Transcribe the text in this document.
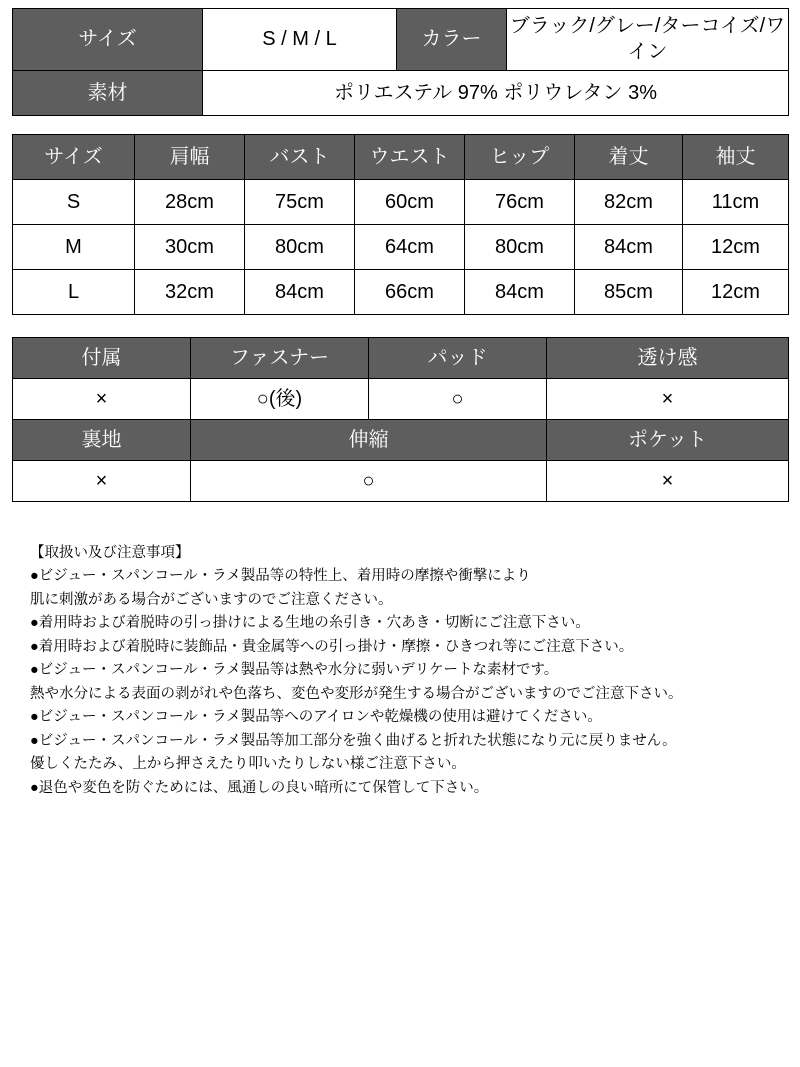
サイズ	S / M / L	カラー	ブラック/グレー/ターコイズ/ワイン
素材	ポリエステル 97% ポリウレタン 3%		
サイズ	肩幅	バスト	ウエスト	ヒップ	着丈	袖丈
S	28cm	75cm	60cm	76cm	82cm	11cm
M	30cm	80cm	64cm	80cm	84cm	12cm
L	32cm	84cm	66cm	84cm	85cm	12cm
付属	ファスナー	パッド	透け感
×	○(後)	○	×
裏地	伸縮		ポケット
×	○		×
【取扱い及び注意事項】
●ビジュー・スパンコール・ラメ製品等の特性上、着用時の摩擦や衝撃により
肌に刺激がある場合がございますのでご注意ください。
●着用時および着脱時の引っ掛けによる生地の糸引き・穴あき・切断にご注意下さい。
●着用時および着脱時に装飾品・貴金属等への引っ掛け・摩擦・ひきつれ等にご注意下さい。
●ビジュー・スパンコール・ラメ製品等は熱や水分に弱いデリケートな素材です。
熱や水分による表面の剥がれや色落ち、変色や変形が発生する場合がございますのでご注意下さい。
●ビジュー・スパンコール・ラメ製品等へのアイロンや乾燥機の使用は避けてください。
●ビジュー・スパンコール・ラメ製品等加工部分を強く曲げると折れた状態になり元に戻りません。
優しくたたみ、上から押さえたり叩いたりしない様ご注意下さい。
●退色や変色を防ぐためには、風通しの良い暗所にて保管して下さい。
